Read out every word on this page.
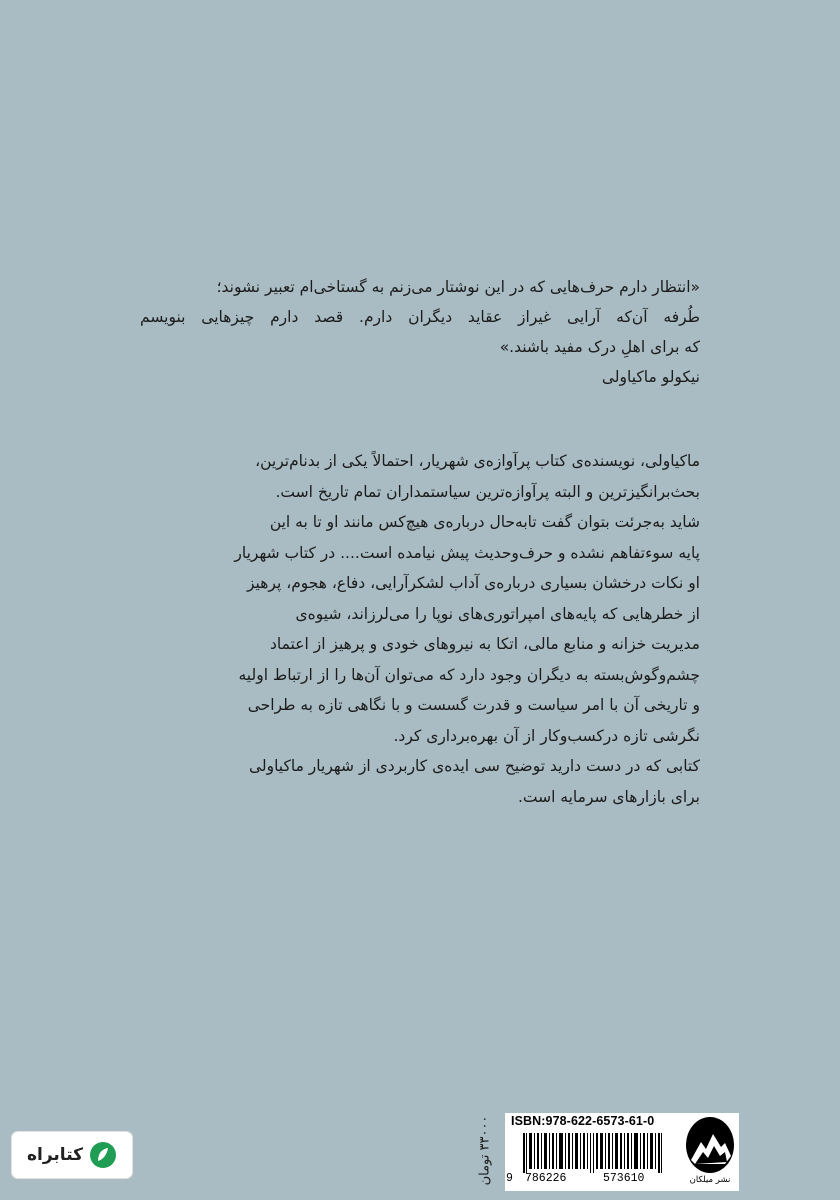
«انتظار دارم حرف‌هایی که در این نوشتار می‌زنم به گستاخی‌ام تعبیر نشوند؛
طُرفه آن‌که آرایی غیراز عقاید دیگران دارم. قصد دارم چیزهایی بنویسم
که برای اهلِ درک مفید باشند.»
نیکولو ماکیاولی
ماکیاولی، نویسنده‌ی کتاب پرآوازه‌ی شهریار، احتمالاً یکی از بدنام‌ترین،
بحث‌برانگیزترین و البته پرآوازه‌ترین سیاستمداران تمام تاریخ است.
شاید به‌جرئت بتوان گفت تابه‌حال درباره‌ی هیچ‌کس مانند او تا به این
پایه سوءتفاهم نشده و حرف‌وحدیث پیش نیامده است.... در کتاب شهریار
او نکات درخشان بسیاری درباره‌ی آداب لشکرآرایی، دفاع، هجوم، پرهیز
از خطرهایی که پایه‌های امپراتوری‌های نوپا را می‌لرزاند، شیوه‌ی
مدیریت خزانه و منابع مالی، اتکا به نیروهای خودی و پرهیز از اعتماد
چشم‌وگوش‌بسته به دیگران وجود دارد که می‌توان آن‌ها را از ارتباط اولیه
و تاریخی آن با امر سیاست و قدرت گسست و با نگاهی تازه به طراحی
نگرشی تازه درکسب‌وکار از آن بهره‌برداری کرد.
کتابی که در دست دارید توضیح سی ایده‌ی کاربردی از شهریار ماکیاولی
برای بازارهای سرمایه است.
کتابراه	۳۳۰۰۰ تومان ISBN:978-622-6573-61-0
9 786226	573610	نشر میلکان
